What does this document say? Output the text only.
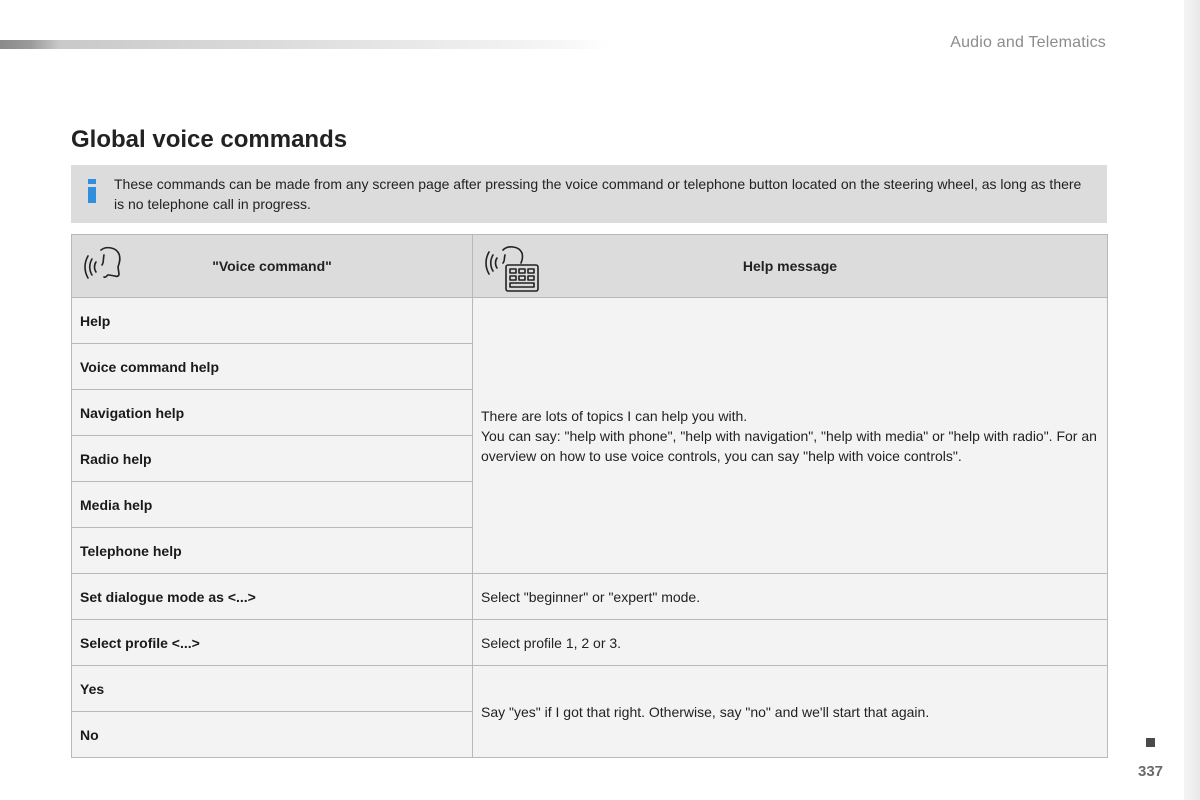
Audio and Telematics
Global voice commands
These commands can be made from any screen page after pressing the voice command or telephone button located on the steering wheel, as long as there is no telephone call in progress.
"Voice command"	Help message

Help	There are lots of topics I can help you with.
You can say: "help with phone", "help with navigation", "help with media" or "help with radio". For an overview on how to use voice controls, you can say "help with voice controls".

Voice command help	
Navigation help	
Radio help	
Media help	
Telephone help	
Set dialogue mode as <...>	Select "beginner" or "expert" mode.
Select profile <...>	Select profile 1, 2 or 3.
Yes	Say "yes" if I got that right. Otherwise, say "no" and we'll start that again.
No	
337
